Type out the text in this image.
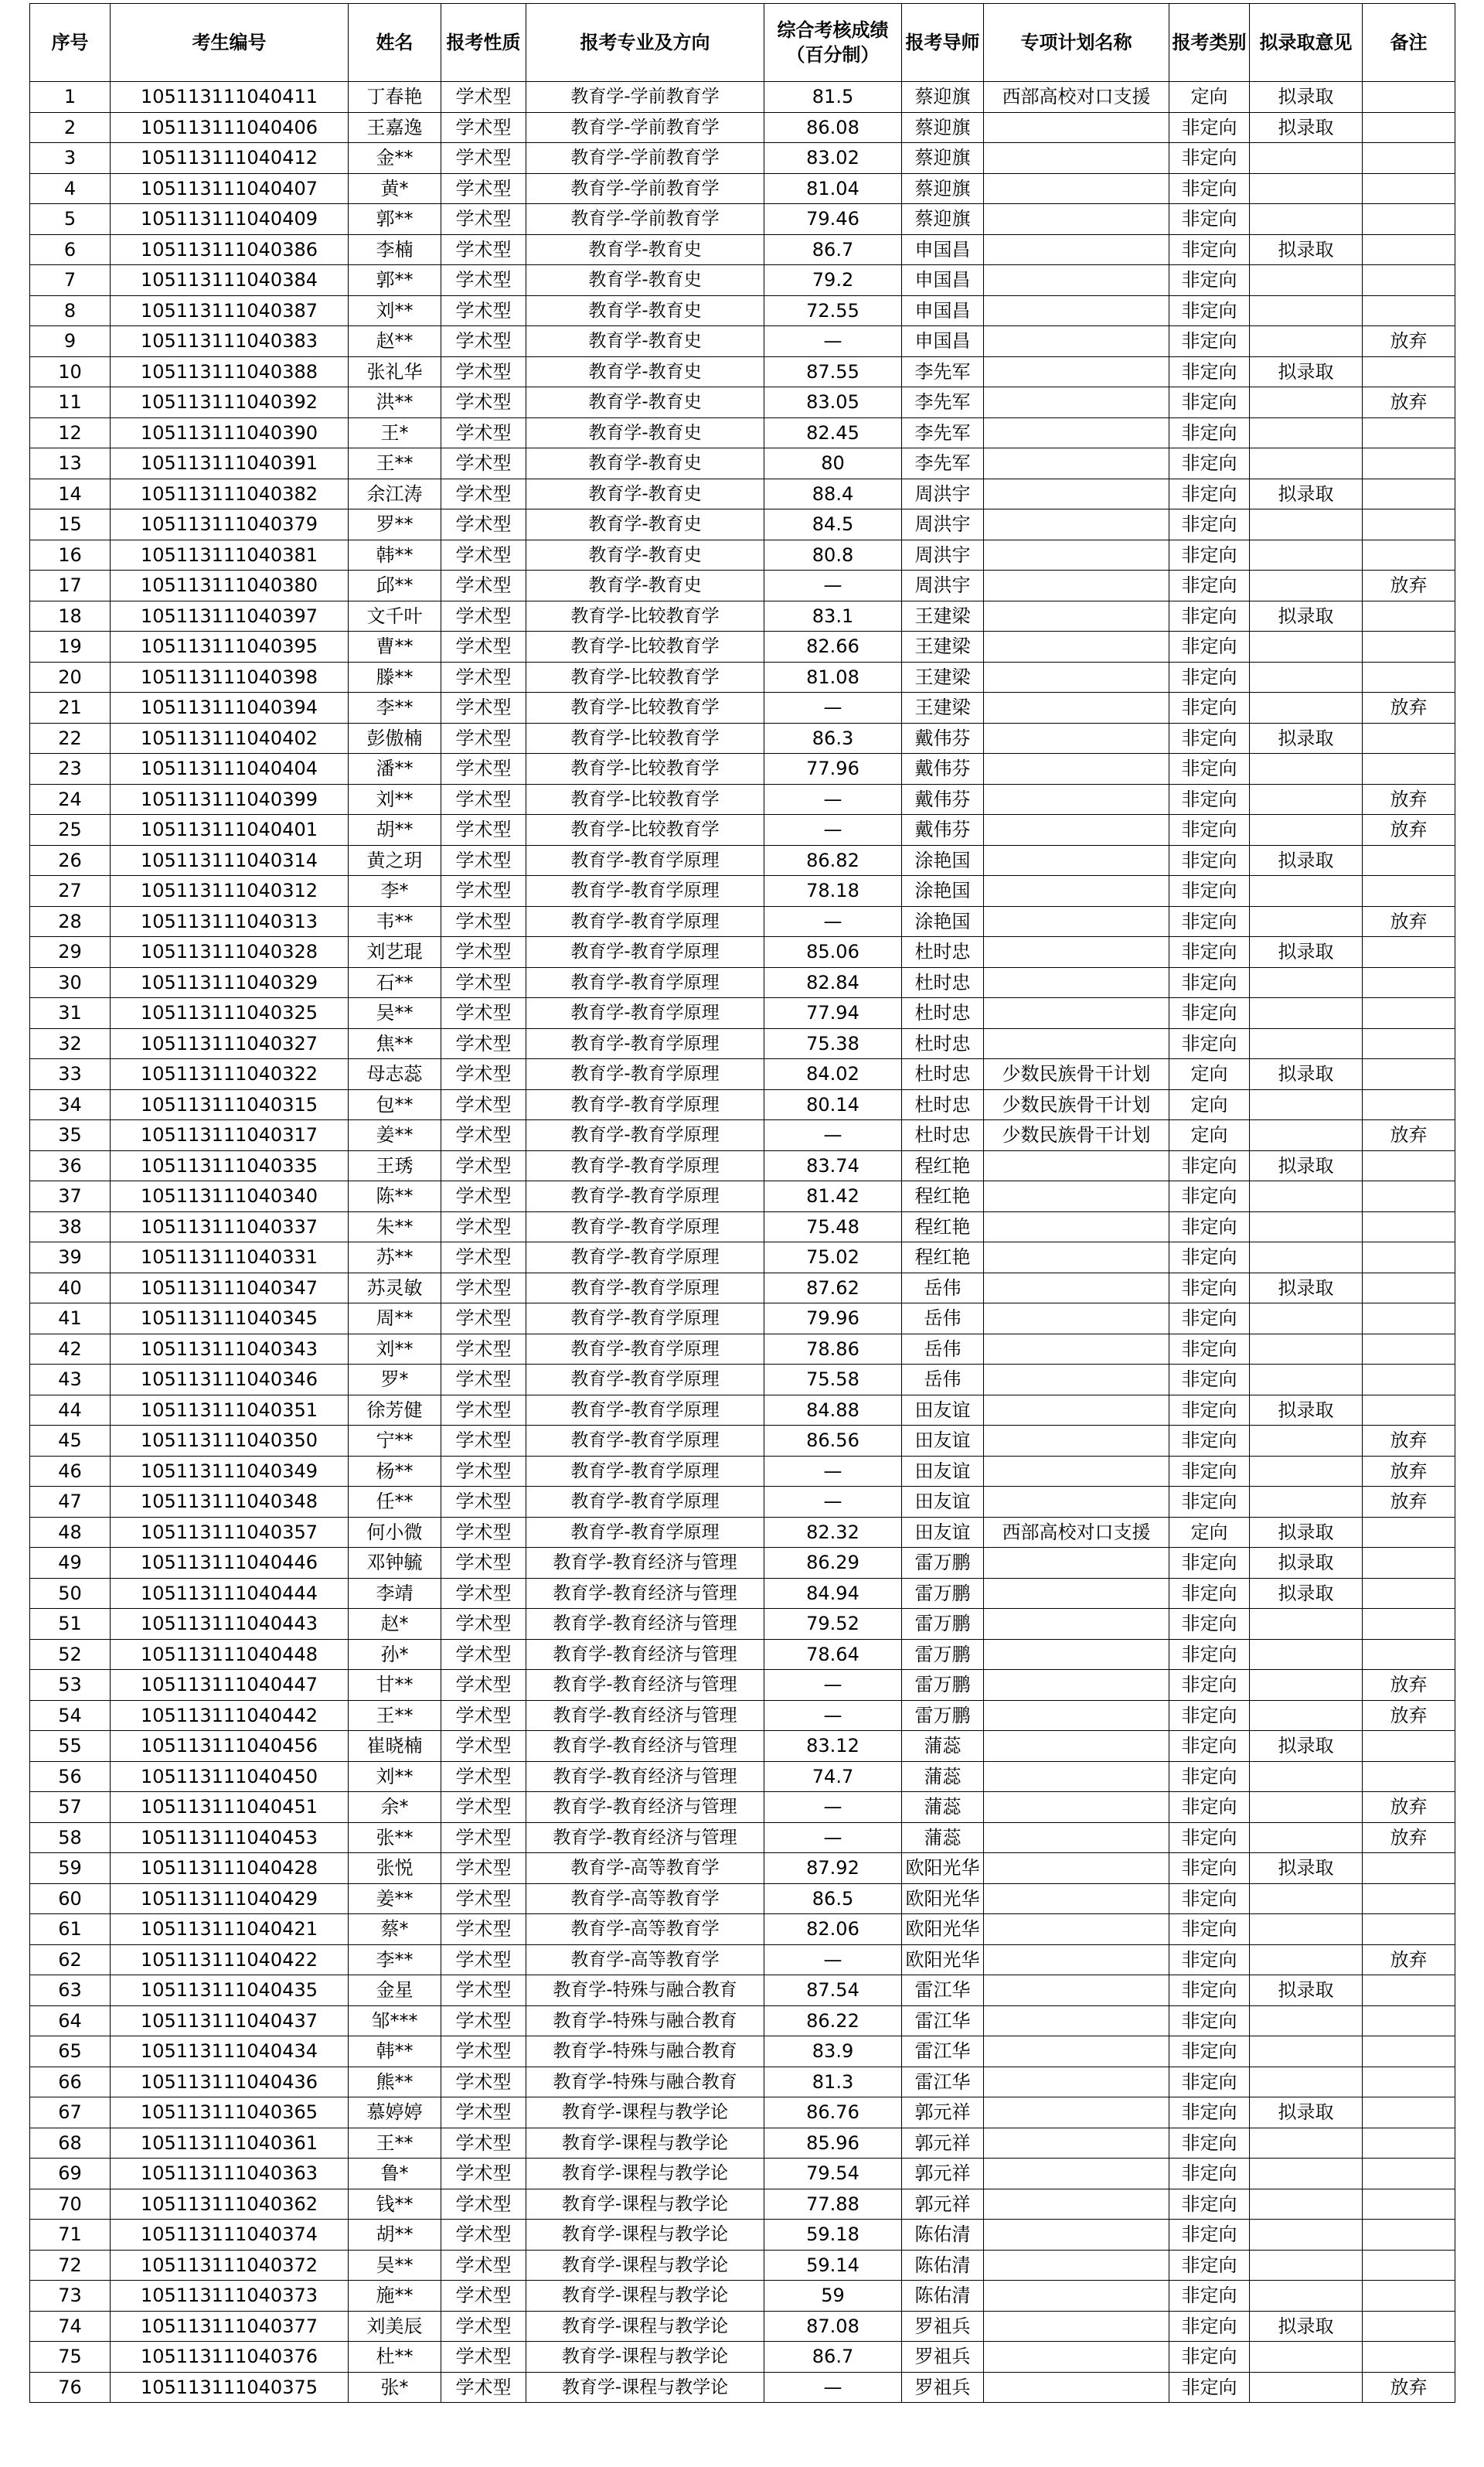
序号	考生编号	姓名	报考性质	报考专业及方向	综合考核成绩（百分制）	报考导师	专项计划名称	报考类别	拟录取意见	备注
1	105113111040411	丁春艳	学术型	教育学-学前教育学	81.5	蔡迎旗	西部高校对口支援	定向	拟录取	
2	105113111040406	王嘉逸	学术型	教育学-学前教育学	86.08	蔡迎旗		非定向	拟录取	
3	105113111040412	金**	学术型	教育学-学前教育学	83.02	蔡迎旗		非定向		
4	105113111040407	黄*	学术型	教育学-学前教育学	81.04	蔡迎旗		非定向		
5	105113111040409	郭**	学术型	教育学-学前教育学	79.46	蔡迎旗		非定向		
6	105113111040386	李楠	学术型	教育学-教育史	86.7	申国昌		非定向	拟录取	
7	105113111040384	郭**	学术型	教育学-教育史	79.2	申国昌		非定向		
8	105113111040387	刘**	学术型	教育学-教育史	72.55	申国昌		非定向		
9	105113111040383	赵**	学术型	教育学-教育史	—	申国昌		非定向		放弃
10	105113111040388	张礼华	学术型	教育学-教育史	87.55	李先军		非定向	拟录取	
11	105113111040392	洪**	学术型	教育学-教育史	83.05	李先军		非定向		放弃
12	105113111040390	王*	学术型	教育学-教育史	82.45	李先军		非定向		
13	105113111040391	王**	学术型	教育学-教育史	80	李先军		非定向		
14	105113111040382	余江涛	学术型	教育学-教育史	88.4	周洪宇		非定向	拟录取	
15	105113111040379	罗**	学术型	教育学-教育史	84.5	周洪宇		非定向		
16	105113111040381	韩**	学术型	教育学-教育史	80.8	周洪宇		非定向		
17	105113111040380	邱**	学术型	教育学-教育史	—	周洪宇		非定向		放弃
18	105113111040397	文千叶	学术型	教育学-比较教育学	83.1	王建梁		非定向	拟录取	
19	105113111040395	曹**	学术型	教育学-比较教育学	82.66	王建梁		非定向		
20	105113111040398	滕**	学术型	教育学-比较教育学	81.08	王建梁		非定向		
21	105113111040394	李**	学术型	教育学-比较教育学	—	王建梁		非定向		放弃
22	105113111040402	彭傲楠	学术型	教育学-比较教育学	86.3	戴伟芬		非定向	拟录取	
23	105113111040404	潘**	学术型	教育学-比较教育学	77.96	戴伟芬		非定向		
24	105113111040399	刘**	学术型	教育学-比较教育学	—	戴伟芬		非定向		放弃
25	105113111040401	胡**	学术型	教育学-比较教育学	—	戴伟芬		非定向		放弃
26	105113111040314	黄之玥	学术型	教育学-教育学原理	86.82	涂艳国		非定向	拟录取	
27	105113111040312	李*	学术型	教育学-教育学原理	78.18	涂艳国		非定向		
28	105113111040313	韦**	学术型	教育学-教育学原理	—	涂艳国		非定向		放弃
29	105113111040328	刘艺琨	学术型	教育学-教育学原理	85.06	杜时忠		非定向	拟录取	
30	105113111040329	石**	学术型	教育学-教育学原理	82.84	杜时忠		非定向		
31	105113111040325	吴**	学术型	教育学-教育学原理	77.94	杜时忠		非定向		
32	105113111040327	焦**	学术型	教育学-教育学原理	75.38	杜时忠		非定向		
33	105113111040322	母志蕊	学术型	教育学-教育学原理	84.02	杜时忠	少数民族骨干计划	定向	拟录取	
34	105113111040315	包**	学术型	教育学-教育学原理	80.14	杜时忠	少数民族骨干计划	定向		
35	105113111040317	姜**	学术型	教育学-教育学原理	—	杜时忠	少数民族骨干计划	定向		放弃
36	105113111040335	王琇	学术型	教育学-教育学原理	83.74	程红艳		非定向	拟录取	
37	105113111040340	陈**	学术型	教育学-教育学原理	81.42	程红艳		非定向		
38	105113111040337	朱**	学术型	教育学-教育学原理	75.48	程红艳		非定向		
39	105113111040331	苏**	学术型	教育学-教育学原理	75.02	程红艳		非定向		
40	105113111040347	苏灵敏	学术型	教育学-教育学原理	87.62	岳伟		非定向	拟录取	
41	105113111040345	周**	学术型	教育学-教育学原理	79.96	岳伟		非定向		
42	105113111040343	刘**	学术型	教育学-教育学原理	78.86	岳伟		非定向		
43	105113111040346	罗*	学术型	教育学-教育学原理	75.58	岳伟		非定向		
44	105113111040351	徐芳健	学术型	教育学-教育学原理	84.88	田友谊		非定向	拟录取	
45	105113111040350	宁**	学术型	教育学-教育学原理	86.56	田友谊		非定向		放弃
46	105113111040349	杨**	学术型	教育学-教育学原理	—	田友谊		非定向		放弃
47	105113111040348	任**	学术型	教育学-教育学原理	—	田友谊		非定向		放弃
48	105113111040357	何小微	学术型	教育学-教育学原理	82.32	田友谊	西部高校对口支援	定向	拟录取	
49	105113111040446	邓钟毓	学术型	教育学-教育经济与管理	86.29	雷万鹏		非定向	拟录取	
50	105113111040444	李靖	学术型	教育学-教育经济与管理	84.94	雷万鹏		非定向	拟录取	
51	105113111040443	赵*	学术型	教育学-教育经济与管理	79.52	雷万鹏		非定向		
52	105113111040448	孙*	学术型	教育学-教育经济与管理	78.64	雷万鹏		非定向		
53	105113111040447	甘**	学术型	教育学-教育经济与管理	—	雷万鹏		非定向		放弃
54	105113111040442	王**	学术型	教育学-教育经济与管理	—	雷万鹏		非定向		放弃
55	105113111040456	崔晓楠	学术型	教育学-教育经济与管理	83.12	蒲蕊		非定向	拟录取	
56	105113111040450	刘**	学术型	教育学-教育经济与管理	74.7	蒲蕊		非定向		
57	105113111040451	余*	学术型	教育学-教育经济与管理	—	蒲蕊		非定向		放弃
58	105113111040453	张**	学术型	教育学-教育经济与管理	—	蒲蕊		非定向		放弃
59	105113111040428	张悦	学术型	教育学-高等教育学	87.92	欧阳光华		非定向	拟录取	
60	105113111040429	姜**	学术型	教育学-高等教育学	86.5	欧阳光华		非定向		
61	105113111040421	蔡*	学术型	教育学-高等教育学	82.06	欧阳光华		非定向		
62	105113111040422	李**	学术型	教育学-高等教育学	—	欧阳光华		非定向		放弃
63	105113111040435	金星	学术型	教育学-特殊与融合教育	87.54	雷江华		非定向	拟录取	
64	105113111040437	邹***	学术型	教育学-特殊与融合教育	86.22	雷江华		非定向		
65	105113111040434	韩**	学术型	教育学-特殊与融合教育	83.9	雷江华		非定向		
66	105113111040436	熊**	学术型	教育学-特殊与融合教育	81.3	雷江华		非定向		
67	105113111040365	慕婷婷	学术型	教育学-课程与教学论	86.76	郭元祥		非定向	拟录取	
68	105113111040361	王**	学术型	教育学-课程与教学论	85.96	郭元祥		非定向		
69	105113111040363	鲁*	学术型	教育学-课程与教学论	79.54	郭元祥		非定向		
70	105113111040362	钱**	学术型	教育学-课程与教学论	77.88	郭元祥		非定向		
71	105113111040374	胡**	学术型	教育学-课程与教学论	59.18	陈佑清		非定向		
72	105113111040372	吴**	学术型	教育学-课程与教学论	59.14	陈佑清		非定向		
73	105113111040373	施**	学术型	教育学-课程与教学论	59	陈佑清		非定向		
74	105113111040377	刘美辰	学术型	教育学-课程与教学论	87.08	罗祖兵		非定向	拟录取	
75	105113111040376	杜**	学术型	教育学-课程与教学论	86.7	罗祖兵		非定向		
76	105113111040375	张*	学术型	教育学-课程与教学论	—	罗祖兵		非定向		放弃
